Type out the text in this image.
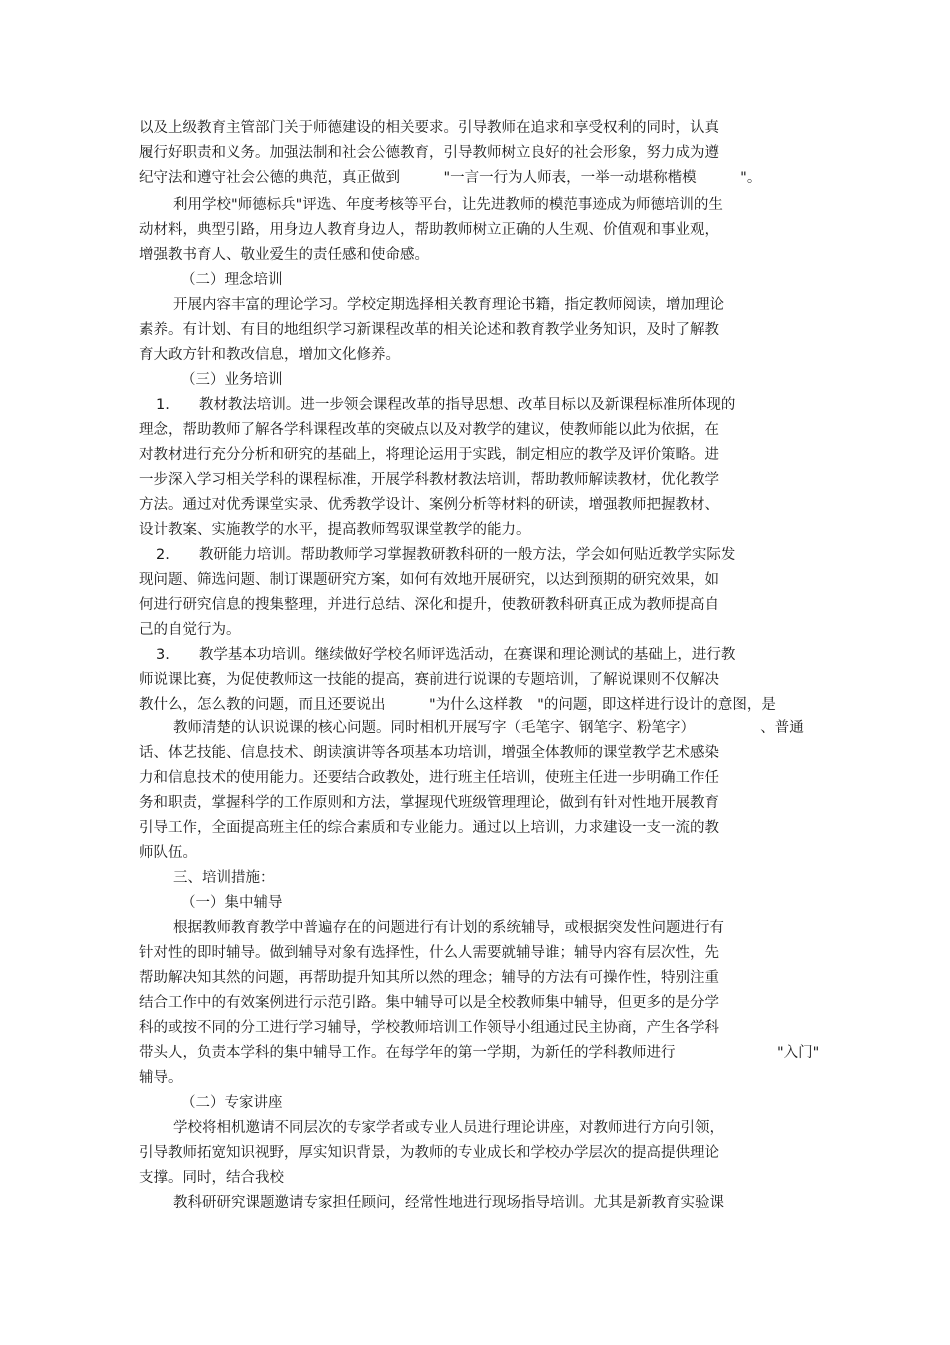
以及上级教育主管部门关于师德建设的相关要求。引导教师在追求和享受权利的同时，认真
履行好职责和义务。加强法制和社会公德教育，引导教师树立良好的社会形象，努力成为遵
纪守法和遵守社会公德的典范，真正做到　　　"一言一行为人师表，一举一动堪称楷模　　　"。
利用学校"师德标兵"评选、年度考核等平台，让先进教师的模范事迹成为师德培训的生
动材料，典型引路，用身边人教育身边人，帮助教师树立正确的人生观、价值观和事业观，
增强教书育人、敬业爱生的责任感和使命感。
（二）理念培训
开展内容丰富的理论学习。学校定期选择相关教育理论书籍，指定教师阅读，增加理论
素养。有计划、有目的地组织学习新课程改革的相关论述和教育教学业务知识，及时了解教
育大政方针和教改信息，增加文化修养。
（三）业务培训
1.　　教材教法培训。进一步领会课程改革的指导思想、改革目标以及新课程标准所体现的
理念，帮助教师了解各学科课程改革的突破点以及对教学的建议，使教师能以此为依据，在
对教材进行充分分析和研究的基础上，将理论运用于实践，制定相应的教学及评价策略。进
一步深入学习相关学科的课程标准，开展学科教材教法培训，帮助教师解读教材，优化教学
方法。通过对优秀课堂实录、优秀教学设计、案例分析等材料的研读，增强教师把握教材、
设计教案、实施教学的水平，提高教师驾驭课堂教学的能力。
2.　　教研能力培训。帮助教师学习掌握教研教科研的一般方法，学会如何贴近教学实际发
现问题、筛选问题、制订课题研究方案，如何有效地开展研究，以达到预期的研究效果，如
何进行研究信息的搜集整理，并进行总结、深化和提升，使教研教科研真正成为教师提高自
己的自觉行为。
3.　　教学基本功培训。继续做好学校名师评选活动，在赛课和理论测试的基础上，进行教
师说课比赛，为促使教师这一技能的提高，赛前进行说课的专题培训，了解说课则不仅解决
教什么，怎么教的问题，而且还要说出　　　"为什么这样教　"的问题，即这样进行设计的意图，是
教师清楚的认识说课的核心问题。同时相机开展写字（毛笔字、钢笔字、粉笔字）　　　　　、普通
话、体艺技能、信息技术、朗读演讲等各项基本功培训，增强全体教师的课堂教学艺术感染
力和信息技术的使用能力。还要结合政教处，进行班主任培训，使班主任进一步明确工作任
务和职责，掌握科学的工作原则和方法，掌握现代班级管理理论，做到有针对性地开展教育
引导工作，全面提高班主任的综合素质和专业能力。通过以上培训，力求建设一支一流的教
师队伍。
三、培训措施：
（一）集中辅导
根据教师教育教学中普遍存在的问题进行有计划的系统辅导，或根据突发性问题进行有
针对性的即时辅导。做到辅导对象有选择性，什么人需要就辅导谁；辅导内容有层次性，先
帮助解决知其然的问题，再帮助提升知其所以然的理念；辅导的方法有可操作性，特别注重
结合工作中的有效案例进行示范引路。集中辅导可以是全校教师集中辅导，但更多的是分学
科的或按不同的分工进行学习辅导，学校教师培训工作领导小组通过民主协商，产生各学科
带头人，负责本学科的集中辅导工作。在每学年的第一学期，为新任的学科教师进行　　　　　　　"入门"
辅导。
（二）专家讲座
学校将相机邀请不同层次的专家学者或专业人员进行理论讲座，对教师进行方向引领，
引导教师拓宽知识视野，厚实知识背景，为教师的专业成长和学校办学层次的提高提供理论
支撑。同时，结合我校
教科研研究课题邀请专家担任顾问，经常性地进行现场指导培训。尤其是新教育实验课
